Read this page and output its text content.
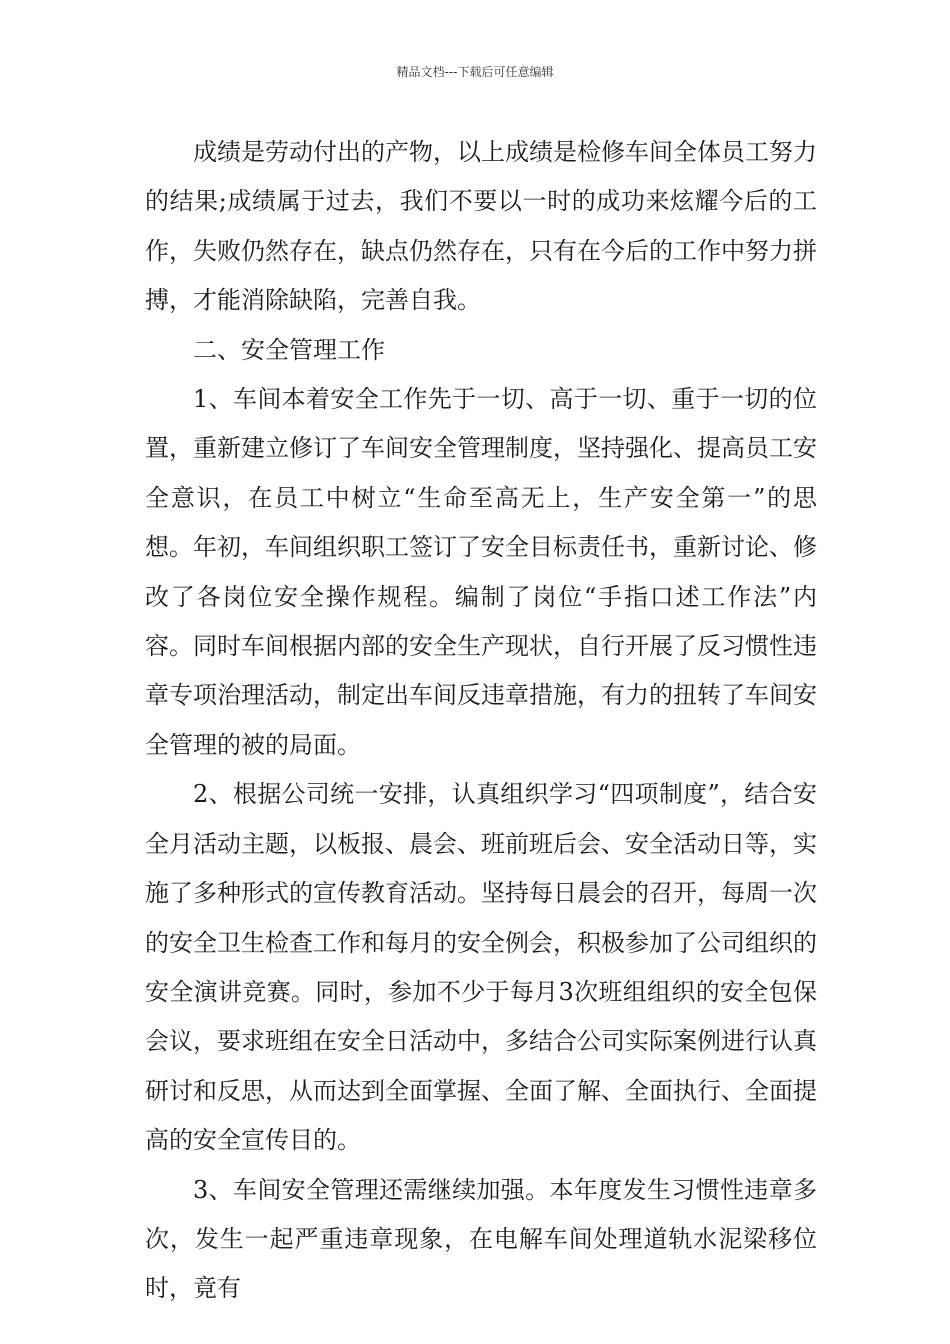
精品文档---下载后可任意编辑

成绩是劳动付出的产物，以上成绩是检修车间全体员工努力的结果;成绩属于过去，我们不要以一时的成功来炫耀今后的工作，失败仍然存在，缺点仍然存在，只有在今后的工作中努力拼搏，才能消除缺陷，完善自我。

二、安全管理工作

1、车间本着安全工作先于一切、高于一切、重于一切的位置，重新建立修订了车间安全管理制度，坚持强化、提高员工安全意识，在员工中树立“生命至高无上，生产安全第一”的思想。年初，车间组织职工签订了安全目标责任书，重新讨论、修改了各岗位安全操作规程。编制了岗位“手指口述工作法”内容。同时车间根据内部的安全生产现状，自行开展了反习惯性违章专项治理活动，制定出车间反违章措施，有力的扭转了车间安全管理的被的局面。

2、根据公司统一安排，认真组织学习“四项制度”，结合安全月活动主题，以板报、晨会、班前班后会、安全活动日等，实施了多种形式的宣传教育活动。坚持每日晨会的召开，每周一次的安全卫生检查工作和每月的安全例会，积极参加了公司组织的安全演讲竞赛。同时，参加不少于每月3次班组组织的安全包保会议，要求班组在安全日活动中，多结合公司实际案例进行认真研讨和反思，从而达到全面掌握、全面了解、全面执行、全面提高的安全宣传目的。

3、车间安全管理还需继续加强。本年度发生习惯性违章多次，发生一起严重违章现象，在电解车间处理道轨水泥梁移位时，竟有
